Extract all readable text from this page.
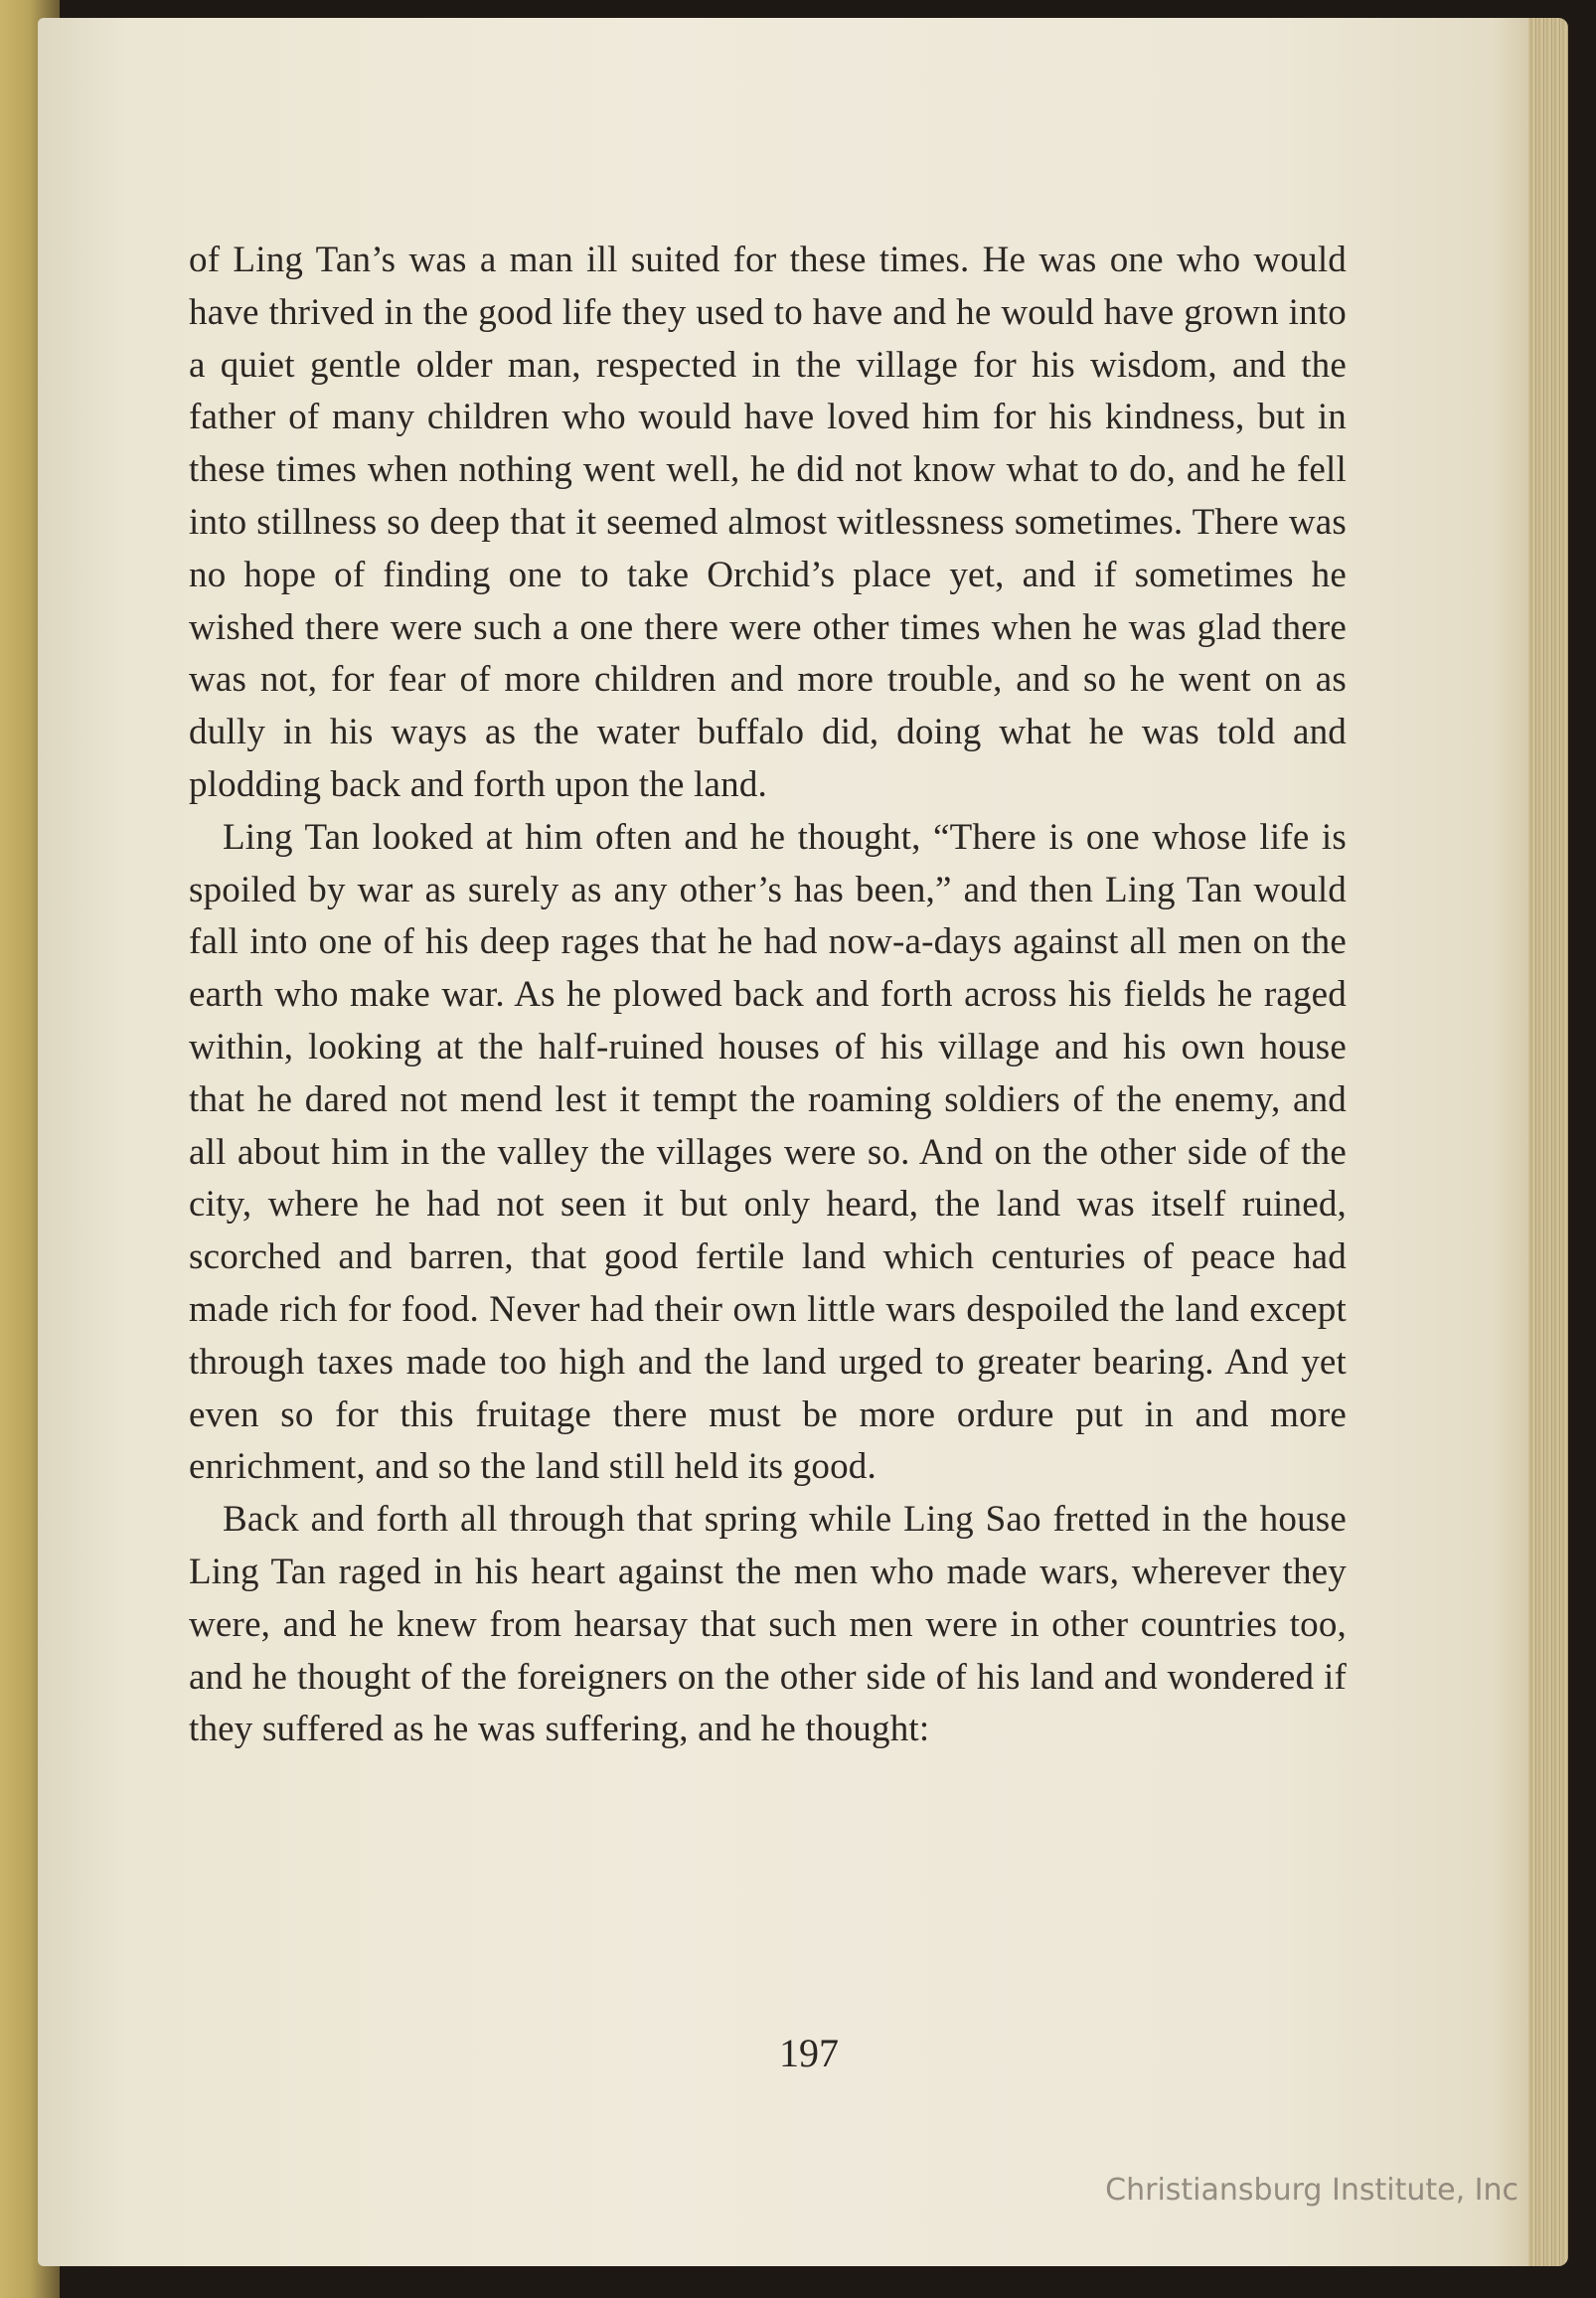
of Ling Tan’s was a man ill suited for these times. He was one who would have thrived in the good life they used to have and he would have grown into a quiet gentle older man, respected in the village for his wisdom, and the father of many children who would have loved him for his kindness, but in these times when nothing went well, he did not know what to do, and he fell into stillness so deep that it seemed almost witlessness sometimes. There was no hope of finding one to take Orchid’s place yet, and if sometimes he wished there were such a one there were other times when he was glad there was not, for fear of more children and more trouble, and so he went on as dully in his ways as the water buffalo did, doing what he was told and plodding back and forth upon the land.

Ling Tan looked at him often and he thought, “There is one whose life is spoiled by war as surely as any other’s has been,” and then Ling Tan would fall into one of his deep rages that he had now-a-days against all men on the earth who make war. As he plowed back and forth across his fields he raged within, looking at the half-ruined houses of his village and his own house that he dared not mend lest it tempt the roaming soldiers of the enemy, and all about him in the valley the villages were so. And on the other side of the city, where he had not seen it but only heard, the land was itself ruined, scorched and barren, that good fertile land which centuries of peace had made rich for food. Never had their own little wars despoiled the land except through taxes made too high and the land urged to greater bearing. And yet even so for this fruitage there must be more ordure put in and more enrichment, and so the land still held its good.

Back and forth all through that spring while Ling Sao fretted in the house Ling Tan raged in his heart against the men who made wars, wherever they were, and he knew from hearsay that such men were in other countries too, and he thought of the foreigners on the other side of his land and wondered if they suffered as he was suffering, and he thought:

197
Christiansburg Institute, Inc
